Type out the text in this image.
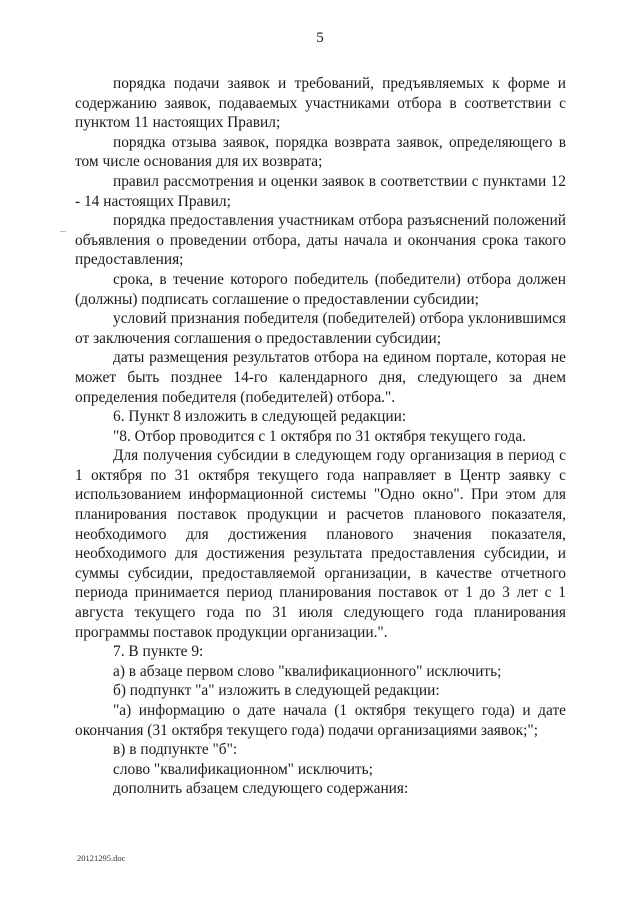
5

порядка подачи заявок и требований, предъявляемых к форме и содержанию заявок, подаваемых участниками отбора в соответствии с пунктом 11 настоящих Правил;

порядка отзыва заявок, порядка возврата заявок, определяющего в том числе основания для их возврата;

правил рассмотрения и оценки заявок в соответствии с пунктами 12 - 14 настоящих Правил;

порядка предоставления участникам отбора разъяснений положений объявления о проведении отбора, даты начала и окончания срока такого предоставления;

срока, в течение которого победитель (победители) отбора должен (должны) подписать соглашение о предоставлении субсидии;

условий признания победителя (победителей) отбора уклонившимся от заключения соглашения о предоставлении субсидии;

даты размещения результатов отбора на едином портале, которая не может быть позднее 14-го календарного дня, следующего за днем определения победителя (победителей) отбора.".

6. Пункт 8 изложить в следующей редакции:

"8. Отбор проводится с 1 октября по 31 октября текущего года.

Для получения субсидии в следующем году организация в период с 1 октября по 31 октября текущего года направляет в Центр заявку с использованием информационной системы "Одно окно". При этом для планирования поставок продукции и расчетов планового показателя, необходимого для достижения планового значения показателя, необходимого для достижения результата предоставления субсидии, и суммы субсидии, предоставляемой организации, в качестве отчетного периода принимается период планирования поставок от 1 до 3 лет с 1 августа текущего года по 31 июля следующего года планирования программы поставок продукции организации.".

7. В пункте 9:

а) в абзаце первом слово "квалификационного" исключить;

б) подпункт "а" изложить в следующей редакции:

"а) информацию о дате начала (1 октября текущего года) и дате окончания (31 октября текущего года) подачи организациями заявок;";

в) в подпункте "б":

слово "квалификационном" исключить;

дополнить абзацем следующего содержания:

20121295.doc
